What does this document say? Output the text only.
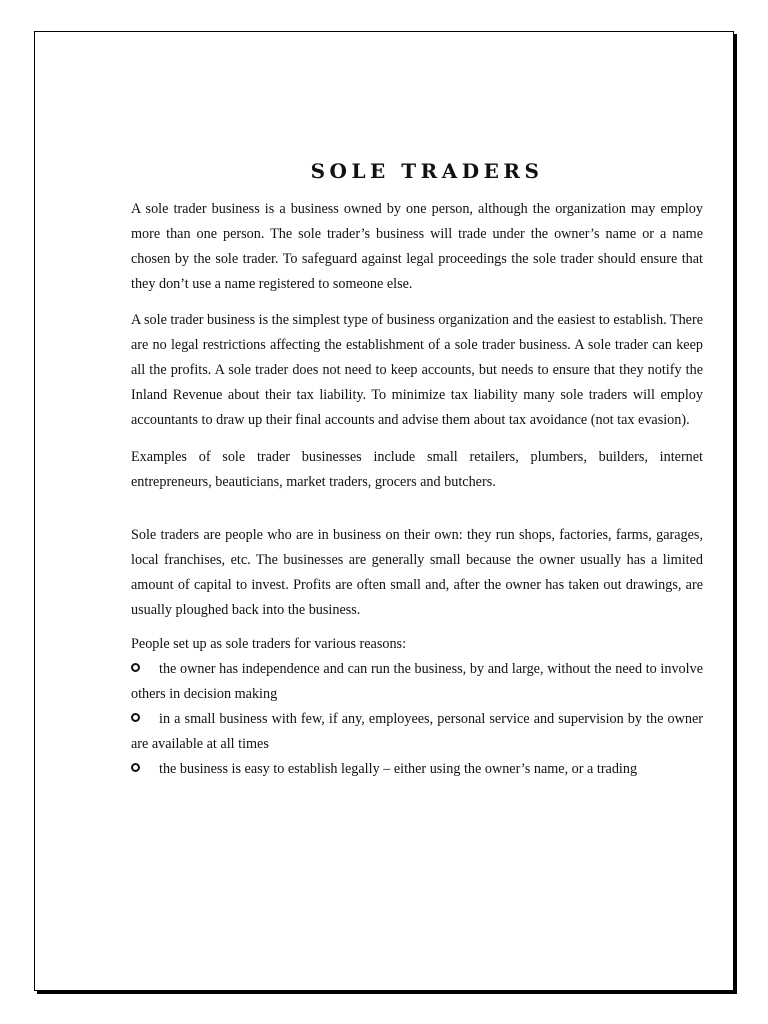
SOLE TRADERS

A sole trader business is a business owned by one person, although the organization may employ more than one person. The sole trader’s business will trade under the owner’s name or a name chosen by the sole trader. To safeguard against legal proceedings the sole trader should ensure that they don’t use a name registered to someone else.

A sole trader business is the simplest type of business organization and the easiest to establish. There are no legal restrictions affecting the establishment of a sole trader business. A sole trader can keep all the profits. A sole trader does not need to keep accounts, but needs to ensure that they notify the Inland Revenue about their tax liability. To minimize tax liability many sole traders will employ accountants to draw up their final accounts and advise them about tax avoidance (not tax evasion).

Examples of sole trader businesses include small retailers, plumbers, builders, internet entrepreneurs, beauticians, market traders, grocers and butchers.

Sole traders are people who are in business on their own: they run shops, factories, farms, garages, local franchises, etc. The businesses are generally small because the owner usually has a limited amount of capital to invest. Profits are often small and, after the owner has taken out drawings, are usually ploughed back into the business.

People set up as sole traders for various reasons:

the owner has independence and can run the business, by and large, without the need to involve others in decision making

in a small business with few, if any, employees, personal service and supervision by the owner are available at all times

the business is easy to establish legally – either using the owner’s name, or a trading
